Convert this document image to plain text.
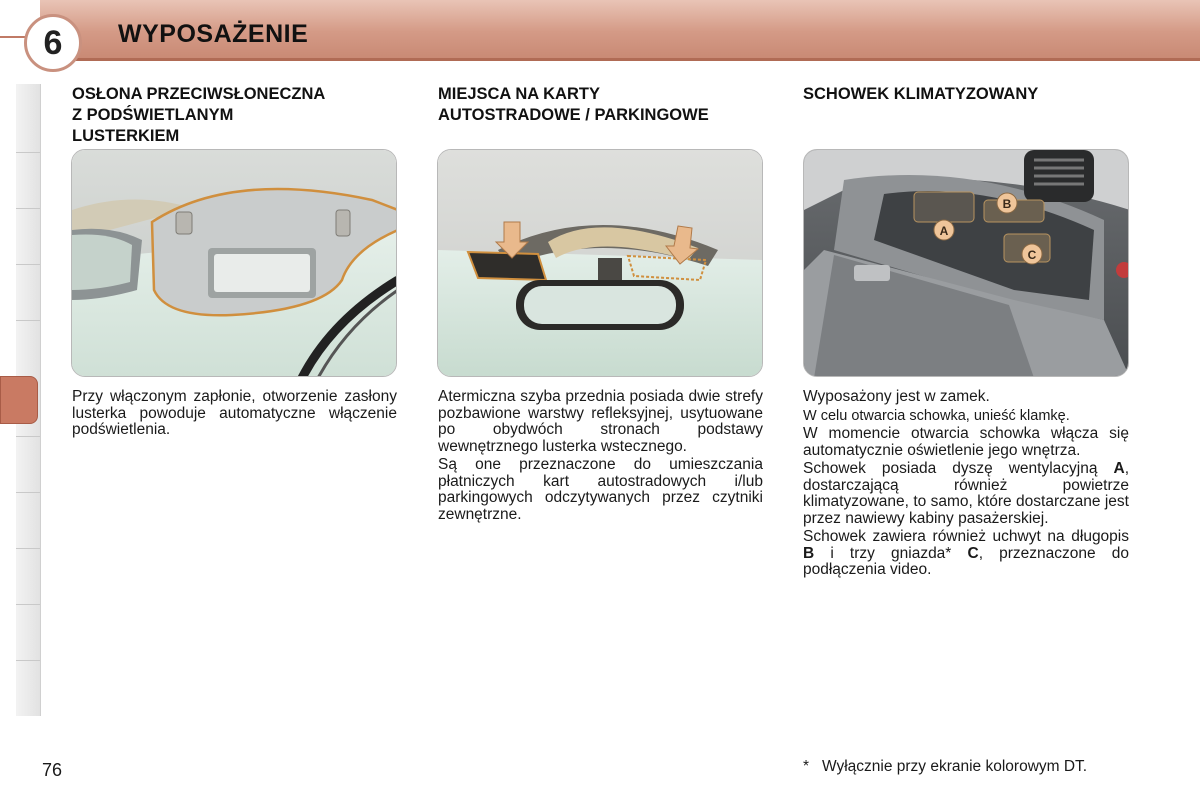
6	WYPOSAŻENIE
OSŁONA PRZECIWSŁONECZNA
Z PODŚWIETLANYM
LUSTERKIEM

Przy włączonym zapłonie, otworzenie zasłony lusterka powoduje automatyczne włączenie podświetlenia.

MIEJSCA NA KARTY
AUTOSTRADOWE / PARKINGOWE

Atermiczna szyba przednia posiada dwie strefy pozbawione warstwy refleksyjnej, usytuowane po obydwóch stronach podstawy wewnętrznego lusterka wstecznego.

Są one przeznaczone do umieszczania płatniczych kart autostradowych i/lub parkingowych odczytywanych przez czytniki zewnętrzne.

SCHOWEK KLIMATYZOWANY
A
B
C

Wyposażony jest w zamek.

W celu otwarcia schowka, unieść klamkę.

W momencie otwarcia schowka włącza się automatycznie oświetlenie jego wnętrza.

Schowek posiada dyszę wentylacyjną A, dostarczającą również powietrze klimatyzowane, to samo, które dostarczane jest przez nawiewy kabiny pasażerskiej.

Schowek zawiera również uchwyt na długopis B i trzy gniazda* C, przeznaczone do podłączenia video.

*   Wyłącznie przy ekranie kolorowym DT.
76
